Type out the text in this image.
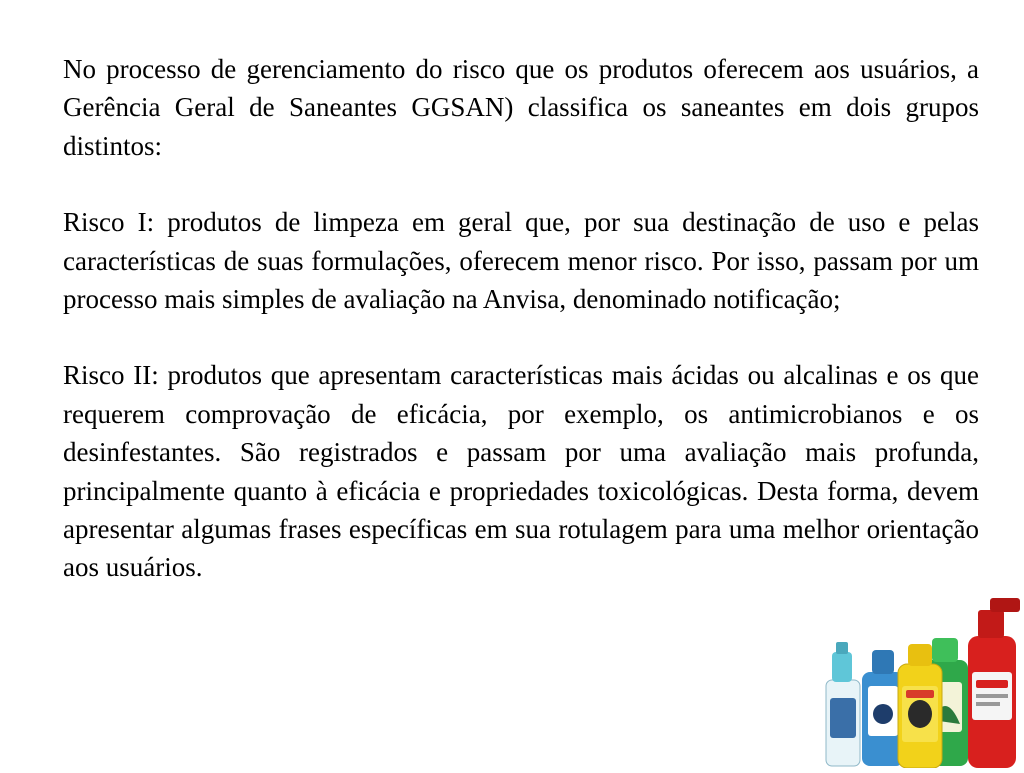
No processo de gerenciamento do risco que os produtos oferecem aos usuários, a Gerência Geral de Saneantes GGSAN) classifica os saneantes em dois grupos distintos:

Risco I: produtos de limpeza em geral que, por sua destinação de uso e pelas características de suas formulações, oferecem menor risco. Por isso, passam por um processo mais simples de avaliação na Anvisa, denominado notificação;

Risco II: produtos que apresentam características mais ácidas ou alcalinas e os que requerem comprovação de eficácia, por exemplo, os antimicrobianos e os desinfestantes. São registrados e passam por uma avaliação mais profunda, principalmente quanto à eficácia e propriedades toxicológicas. Desta forma, devem apresentar algumas frases específicas em sua rotulagem para uma melhor orientação aos usuários.
